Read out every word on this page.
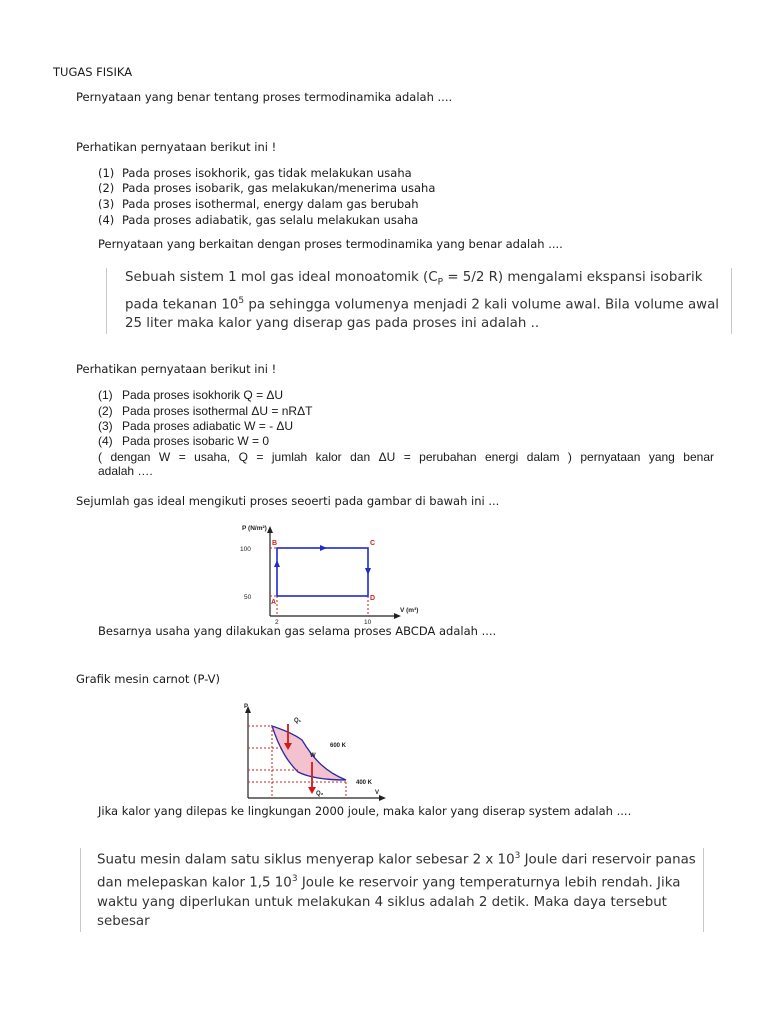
TUGAS FISIKA
Pernyataan yang benar tentang proses termodinamika adalah ....
Perhatikan pernyataan berikut ini !
(1) Pada proses isokhorik, gas tidak melakukan usaha
(2) Pada proses isobarik, gas melakukan/menerima usaha
(3) Pada proses isothermal, energy dalam gas berubah
(4) Pada proses adiabatik, gas selalu melakukan usaha
Pernyataan yang berkaitan dengan proses termodinamika yang benar adalah ....
Sebuah sistem 1 mol gas ideal monoatomik ($C_P = 5/2$ R) mengalami ekspansi isobarik
pada tekanan $10^5$ pa sehingga volumenya menjadi 2 kali volume awal. Bila volume awal
25 liter maka kalor yang diserap gas pada proses ini adalah ..
Perhatikan pernyataan berikut ini !
(1) Pada proses isokhorik Q = ΔU
(2) Pada proses isothermal ΔU = nRΔT
(3) Pada proses adiabatic W = - ΔU
(4) Pada proses isobaric W = 0
( dengan W = usaha, Q = jumlah kalor dan ΔU = perubahan energi dalam ) pernyataan yang benar
adalah ….
Sejumlah gas ideal mengikuti proses seoerti pada gambar di bawah ini ...
P (N/m²)
V (m³)
100
50
2	10
B	C
A
D
Besarnya usaha yang dilakukan gas selama proses ABCDA adalah ....
Grafik mesin carnot (P-V)
P
V
Q₁
W
600 K
400 K
Q₂
Jika kalor yang dilepas ke lingkungan 2000 joule, maka kalor yang diserap system adalah ....
Suatu mesin dalam satu siklus menyerap kalor sebesar 2 x $10^3$ Joule dari reservoir panas
dan melepaskan kalor 1,5 $10^3$ Joule ke reservoir yang temperaturnya lebih rendah. Jika
waktu yang diperlukan untuk melakukan 4 siklus adalah 2 detik. Maka daya tersebut
sebesar
